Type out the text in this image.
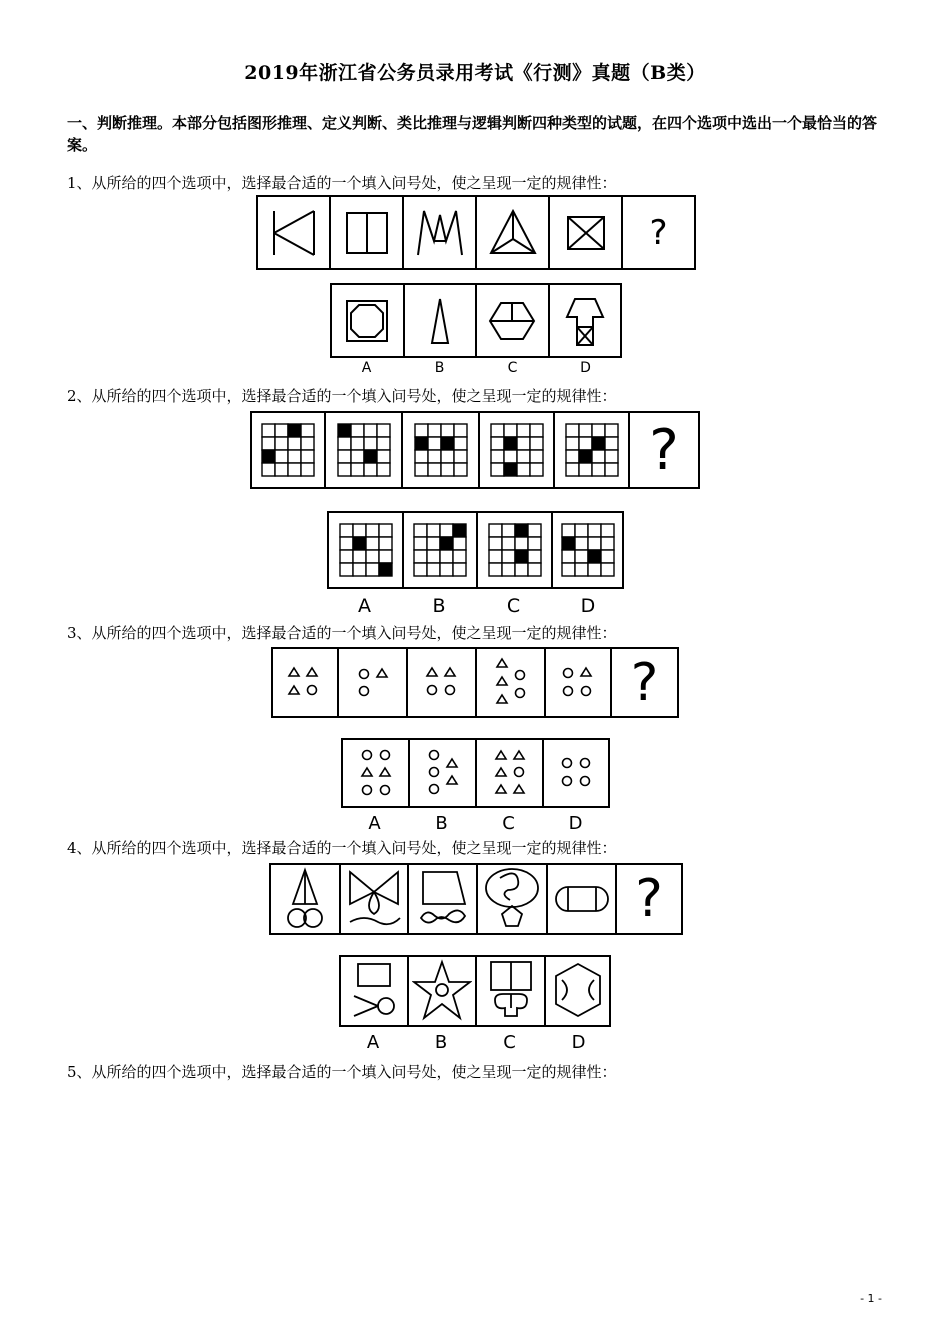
2019年浙江省公务员录用考试《行测》真题（B类）
一、判断推理。本部分包括图形推理、定义判断、类比推理与逻辑判断四种类型的试题，在四个选项中选出一个最恰当的答案。
1、从所给的四个选项中，选择最合适的一个填入问号处，使之呈现一定的规律性：
?
A	B	C	D
2、从所给的四个选项中，选择最合适的一个填入问号处，使之呈现一定的规律性：
?
A	B	C	D
3、从所给的四个选项中，选择最合适的一个填入问号处，使之呈现一定的规律性：
?
A	B	C	D
4、从所给的四个选项中，选择最合适的一个填入问号处，使之呈现一定的规律性：
?
A	B	C	D
5、从所给的四个选项中，选择最合适的一个填入问号处，使之呈现一定的规律性：
- 1 -
